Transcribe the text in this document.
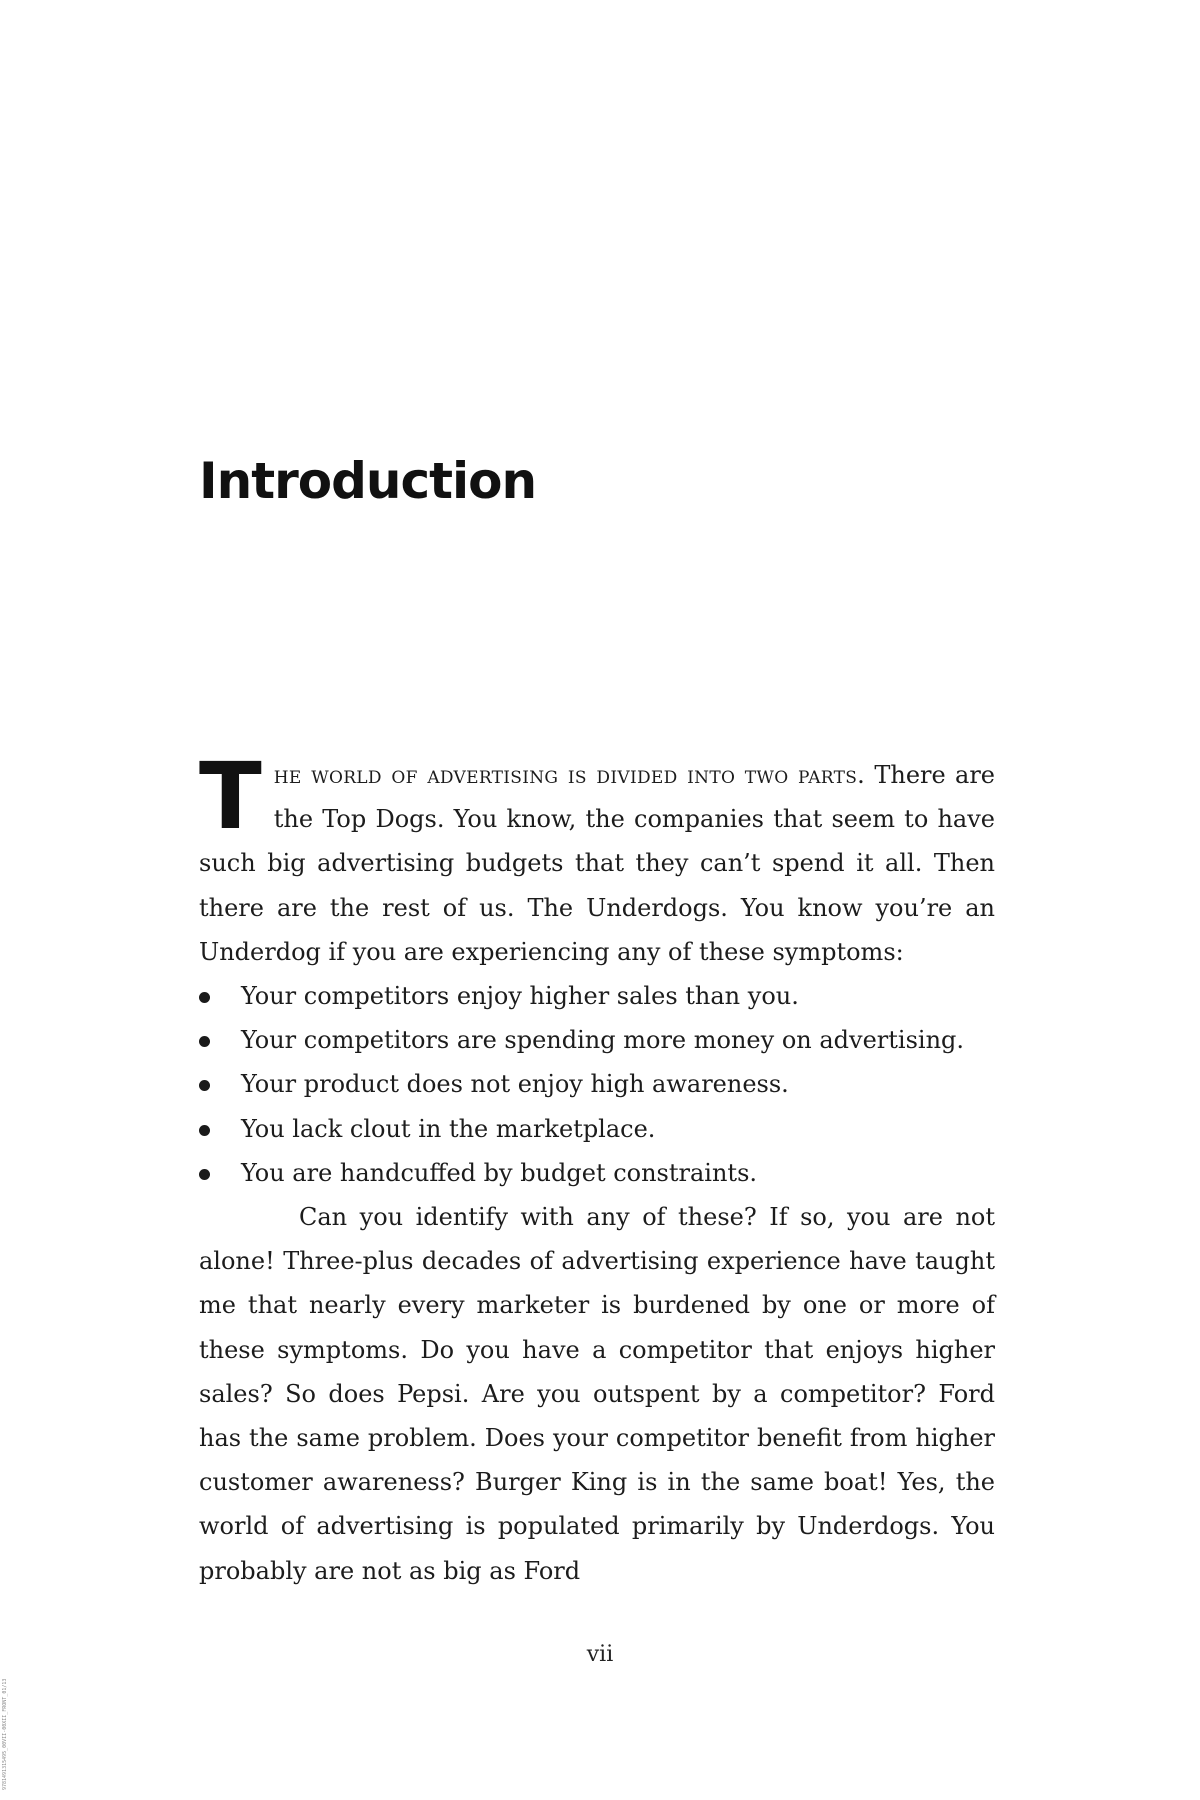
Introduction

The world of advertising is divided into two parts. There are the Top Dogs. You know, the companies that seem to have such big advertising budgets that they can’t spend it all. Then there are the rest of us. The Underdogs. You know you’re an Underdog if you are experiencing any of these symptoms:

Your competitors enjoy higher sales than you.
Your competitors are spending more money on advertising.
Your product does not enjoy high awareness.
You lack clout in the marketplace.
You are handcuffed by budget constraints.

Can you identify with any of these? If so, you are not alone! Three-plus decades of advertising experience have taught me that nearly every marketer is burdened by one or more of these symptoms. Do you have a competitor that enjoys higher sales? So does Pepsi. Are you outspent by a competitor? Ford has the same problem. Does your competitor benefit from higher customer awareness? Burger King is in the same boat! Yes, the world of advertising is populated primarily by Underdogs. You probably are not as big as Ford

vii
9781491315495_00VII-00XII_FRONT_01/13
